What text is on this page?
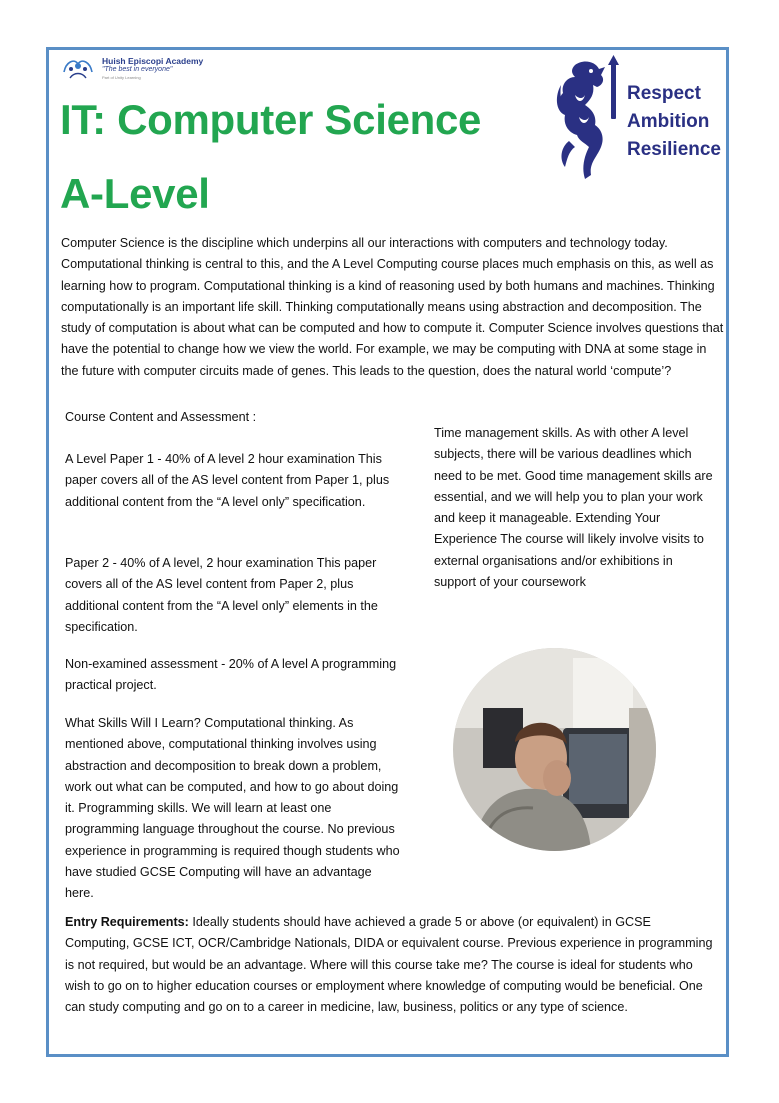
Huish Episcopi Academy
"The best in everyone"
Part of Unity Learning
IT: Computer Science
A-Level
Respect
Ambition
Resilience
Computer Science is the discipline which underpins all our interactions with computers and technology today. Computational thinking is central to this, and the A Level Computing course places much emphasis on this, as well as learning how to program. Computational thinking is a kind of reasoning used by both humans and machines. Thinking computationally is an important life skill. Thinking computationally means using abstraction and decomposition. The study of computation is about what can be computed and how to compute it. Computer Science involves questions that have the potential to change how we view the world. For example, we may be computing with DNA at some stage in the future with computer circuits made of genes. This leads to the question, does the natural world ‘compute’?
Course Content and Assessment :
A Level Paper 1 - 40% of A level 2 hour examination This paper covers all of the AS level content from Paper 1, plus additional content from the “A level only” specification.
Paper 2 - 40% of A level, 2 hour examination This paper covers all of the AS level content from Paper 2, plus additional content from the “A level only” elements in the specification.
Non-examined assessment - 20% of A level A programming practical project.
What Skills Will I Learn? Computational thinking. As mentioned above, computational thinking involves using abstraction and decomposition to break down a problem, work out what can be computed, and how to go about doing it. Programming skills. We will learn at least one programming language throughout the course. No previous experience in programming is required though students who have studied GCSE Computing will have an advantage here.
Time management skills. As with other A level subjects, there will be various deadlines which need to be met. Good time management skills are essential, and we will help you to plan your work and keep it manageable. Extending Your Experience The course will likely involve visits to external organisations and/or exhibitions in support of your coursework
Entry Requirements: Ideally students should have achieved a grade 5 or above (or equivalent) in GCSE Computing, GCSE ICT, OCR/Cambridge Nationals, DIDA or equivalent course. Previous experience in programming is not required, but would be an advantage. Where will this course take me? The course is ideal for students who wish to go on to higher education courses or employment where knowledge of computing would be beneficial. One can study computing and go on to a career in medicine, law, business, politics or any type of science.
